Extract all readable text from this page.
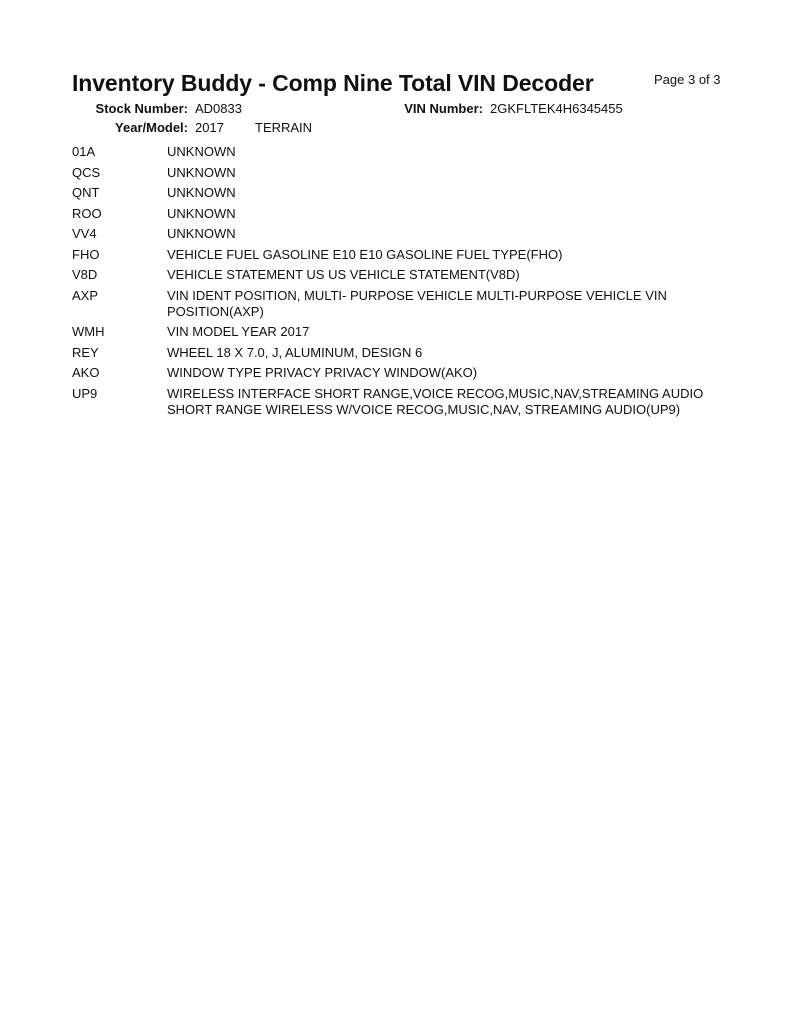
Inventory Buddy - Comp Nine Total VIN Decoder	Page 3 of 3
Stock Number: AD0833	VIN Number: 2GKFLTEK4H6345455
Year/Model: 2017 TERRAIN
01A	UNKNOWN
QCS	UNKNOWN
QNT	UNKNOWN
ROO	UNKNOWN
VV4	UNKNOWN
FHO	VEHICLE FUEL GASOLINE E10 E10 GASOLINE FUEL TYPE(FHO)
V8D	VEHICLE STATEMENT US US VEHICLE STATEMENT(V8D)
AXP	VIN IDENT POSITION, MULTI- PURPOSE VEHICLE MULTI-PURPOSE VEHICLE VIN POSITION(AXP)
WMH	VIN MODEL YEAR 2017
REY	WHEEL 18 X 7.0, J, ALUMINUM, DESIGN 6
AKO	WINDOW TYPE PRIVACY PRIVACY WINDOW(AKO)
UP9	WIRELESS INTERFACE SHORT RANGE,VOICE RECOG,MUSIC,NAV,STREAMING AUDIO SHORT RANGE WIRELESS W/VOICE RECOG,MUSIC,NAV, STREAMING AUDIO(UP9)
